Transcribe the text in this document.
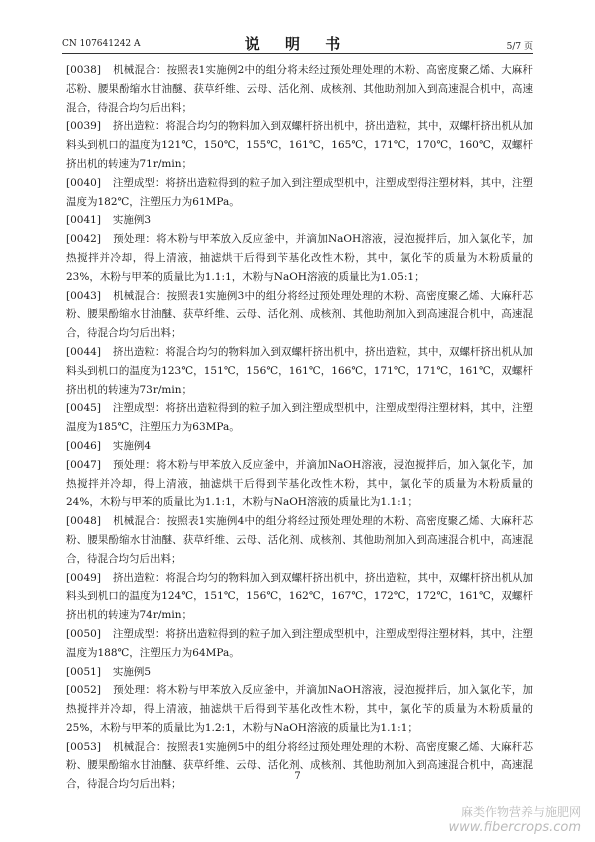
CN 107641242 A	说 明 书	5/7 页

[0038] 机械混合：按照表1实施例2中的组分将未经过预处理处理的木粉、高密度聚乙烯、大麻秆芯粉、腰果酚缩水甘油醚、获草纤维、云母、活化剂、成核剂、其他助剂加入到高速混合机中，高速混合，待混合均匀后出料；

[0039] 挤出造粒：将混合均匀的物料加入到双螺杆挤出机中，挤出造粒，其中，双螺杆挤出机从加料头到机口的温度为121℃，150℃，155℃，161℃，165℃，171℃，170℃，160℃，双螺杆挤出机的转速为71r/min；

[0040] 注塑成型：将挤出造粒得到的粒子加入到注塑成型机中，注塑成型得注塑材料，其中，注塑温度为182℃，注塑压力为61MPa。

[0041] 实施例3

[0042] 预处理：将木粉与甲苯放入反应釜中，并滴加NaOH溶液，浸泡搅拌后，加入氯化苄，加热搅拌并冷却，得上清液，抽滤烘干后得到苄基化改性木粉，其中，氯化苄的质量为木粉质量的23%，木粉与甲苯的质量比为1.1:1，木粉与NaOH溶液的质量比为1.05:1；

[0043] 机械混合：按照表1实施例3中的组分将经过预处理处理的木粉、高密度聚乙烯、大麻秆芯粉、腰果酚缩水甘油醚、获草纤维、云母、活化剂、成核剂、其他助剂加入到高速混合机中，高速混合，待混合均匀后出料；

[0044] 挤出造粒：将混合均匀的物料加入到双螺杆挤出机中，挤出造粒，其中，双螺杆挤出机从加料头到机口的温度为123℃，151℃，156℃，161℃，166℃，171℃，171℃，161℃，双螺杆挤出机的转速为73r/min；

[0045] 注塑成型：将挤出造粒得到的粒子加入到注塑成型机中，注塑成型得注塑材料，其中，注塑温度为185℃，注塑压力为63MPa。

[0046] 实施例4

[0047] 预处理：将木粉与甲苯放入反应釜中，并滴加NaOH溶液，浸泡搅拌后，加入氯化苄，加热搅拌并冷却，得上清液，抽滤烘干后得到苄基化改性木粉，其中，氯化苄的质量为木粉质量的24%，木粉与甲苯的质量比为1.1:1，木粉与NaOH溶液的质量比为1.1:1；

[0048] 机械混合：按照表1实施例4中的组分将经过预处理处理的木粉、高密度聚乙烯、大麻秆芯粉、腰果酚缩水甘油醚、获草纤维、云母、活化剂、成核剂、其他助剂加入到高速混合机中，高速混合，待混合均匀后出料；

[0049] 挤出造粒：将混合均匀的物料加入到双螺杆挤出机中，挤出造粒，其中，双螺杆挤出机从加料头到机口的温度为124℃，151℃，156℃，162℃，167℃，172℃，172℃，161℃，双螺杆挤出机的转速为74r/min；

[0050] 注塑成型：将挤出造粒得到的粒子加入到注塑成型机中，注塑成型得注塑材料，其中，注塑温度为188℃，注塑压力为64MPa。

[0051] 实施例5

[0052] 预处理：将木粉与甲苯放入反应釜中，并滴加NaOH溶液，浸泡搅拌后，加入氯化苄，加热搅拌并冷却，得上清液，抽滤烘干后得到苄基化改性木粉，其中，氯化苄的质量为木粉质量的25%，木粉与甲苯的质量比为1.2:1，木粉与NaOH溶液的质量比为1.1:1；

[0053] 机械混合：按照表1实施例5中的组分将经过预处理处理的木粉、高密度聚乙烯、大麻秆芯粉、腰果酚缩水甘油醚、获草纤维、云母、活化剂、成核剂、其他助剂加入到高速混合机中，高速混合，待混合均匀后出料；

7
麻类作物营养与施肥网
www.fibercrops.com
